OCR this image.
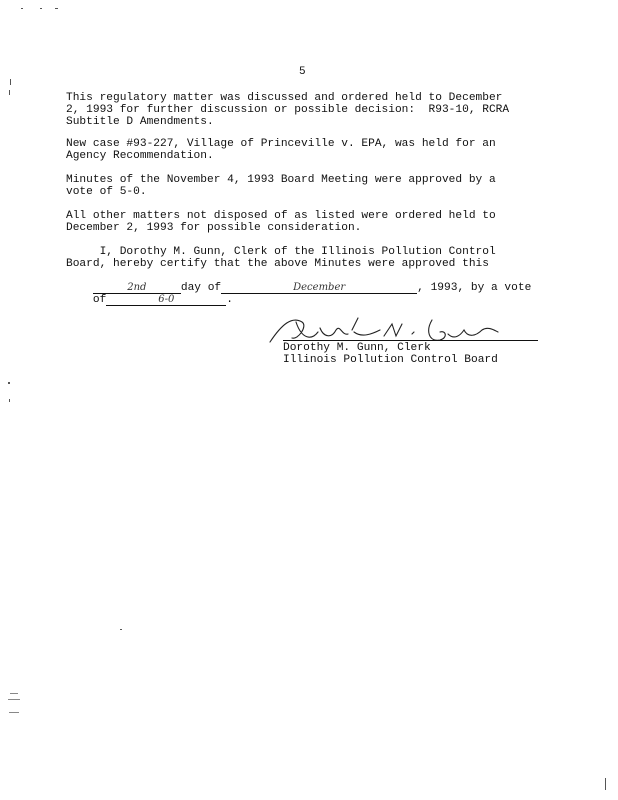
5
This regulatory matter was discussed and ordered held to December
2, 1993 for further discussion or possible decision:  R93-10, RCRA
Subtitle D Amendments.
New case #93-227, Village of Princeville v. EPA, was held for an
Agency Recommendation.
Minutes of the November 4, 1993 Board Meeting were approved by a
vote of 5-0.
All other matters not disposed of as listed were ordered held to
December 2, 1993 for possible consideration.
I, Dorothy M. Gunn, Clerk of the Illinois Pollution Control
Board, hereby certify that the above Minutes were approved this

2nd	day of	December	, 1993, by a vote

of	6-0	.
Dorothy M. Gunn
Dorothy M. Gunn, Clerk
Illinois Pollution Control Board
